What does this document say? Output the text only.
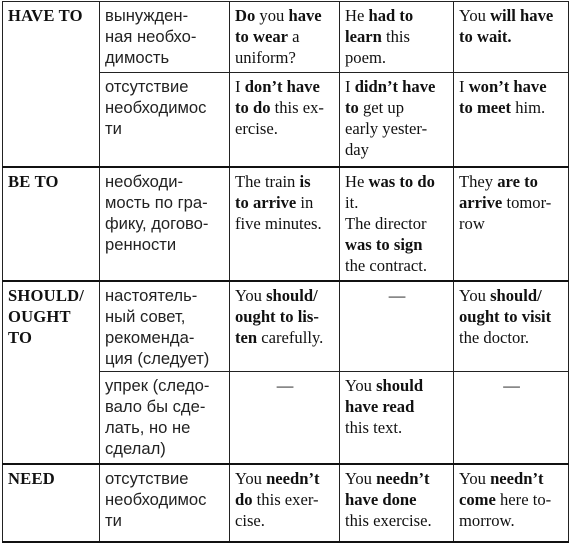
HAVE TO	вынужден-
ная необхо-
димость	Do you have
to wear a
uniform?	He had to
learn this
poem.	You will have
to wait.
	отсутствие
необходимос
ти	I don’t have
to do this ex-
ercise.	I didn’t have
to get up
early yester-
day	I won’t have
to meet him.
BE TO	необходи-
мость по гра-
фику, догово-
ренности	The train is
to arrive in
five minutes.	He was to do
it.
The director
was to sign
the contract.	They are to
arrive tomor-
row
SHOULD/
OUGHT
TO	настоятель-
ный совет,
рекоменда-
ция (следует)	You should/
ought to lis-
ten carefully.	—	You should/
ought to visit
the doctor.
	упрек (следо-
вало бы сде-
лать, но не
сделал)	—	You should
have read
this text.	—
NEED	отсутствие
необходимос
ти	You needn’t
do this exer-
cise.	You needn’t
have done
this exercise.	You needn’t
come here to-
morrow.
